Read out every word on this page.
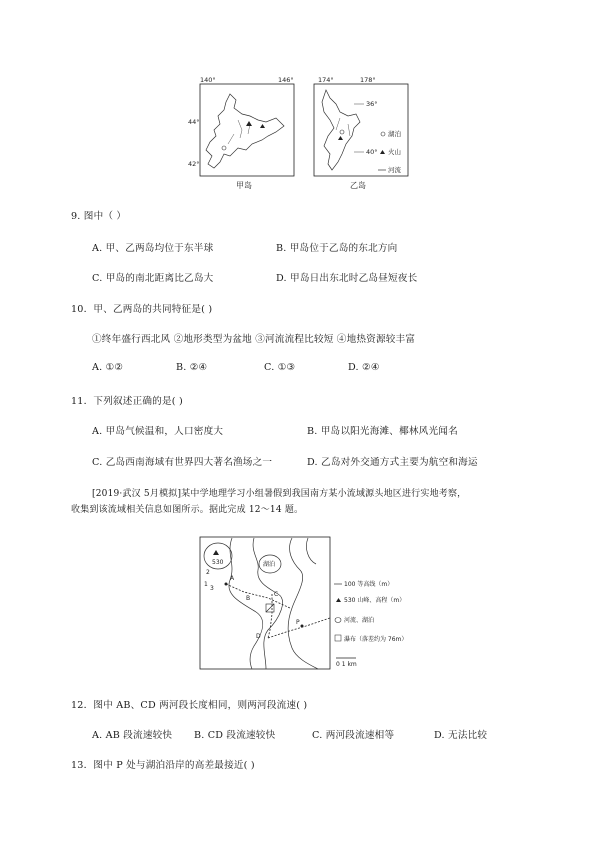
140°	146°
44°
42°
甲岛
174°	178°
36°
40°
乙岛
湖泊
火山
河流
9. 图中（ ）
A. 甲、乙两岛均位于东半球	B. 甲岛位于乙岛的东北方向
C. 甲岛的南北距离比乙岛大	D. 甲岛日出东北时乙岛昼短夜长
10．甲、乙两岛的共同特征是( )
①终年盛行西北风 ②地形类型为盆地 ③河流流程比较短 ④地热资源较丰富
A. ①②	B. ②④	C. ①③	D. ②④
11．下列叙述正确的是( )
A. 甲岛气候温和，人口密度大	B. 甲岛以阳光海滩、椰林风光闻名
C. 乙岛西南海域有世界四大著名渔场之一	D. 乙岛对外交通方式主要为航空和海运
[2019·武汉 5月模拟]某中学地理学习小组暑假到我国南方某小流域源头地区进行实地考察，
收集到该流域相关信息如图所示。据此完成 12～14 题。
530	湖泊
A
B
C
D
P
1
2
3
100 等高线（m）
530 山峰、高程（m）
河流、湖泊
瀑布（落差约为 76m）
0 1 km
12．图中 AB、CD 两河段长度相同，则两河段流速( )
A. AB 段流速较快 B. CD 段流速较快	C. 两河段流速相等	D. 无法比较
13．图中 P 处与湖泊沿岸的高差最接近( )
